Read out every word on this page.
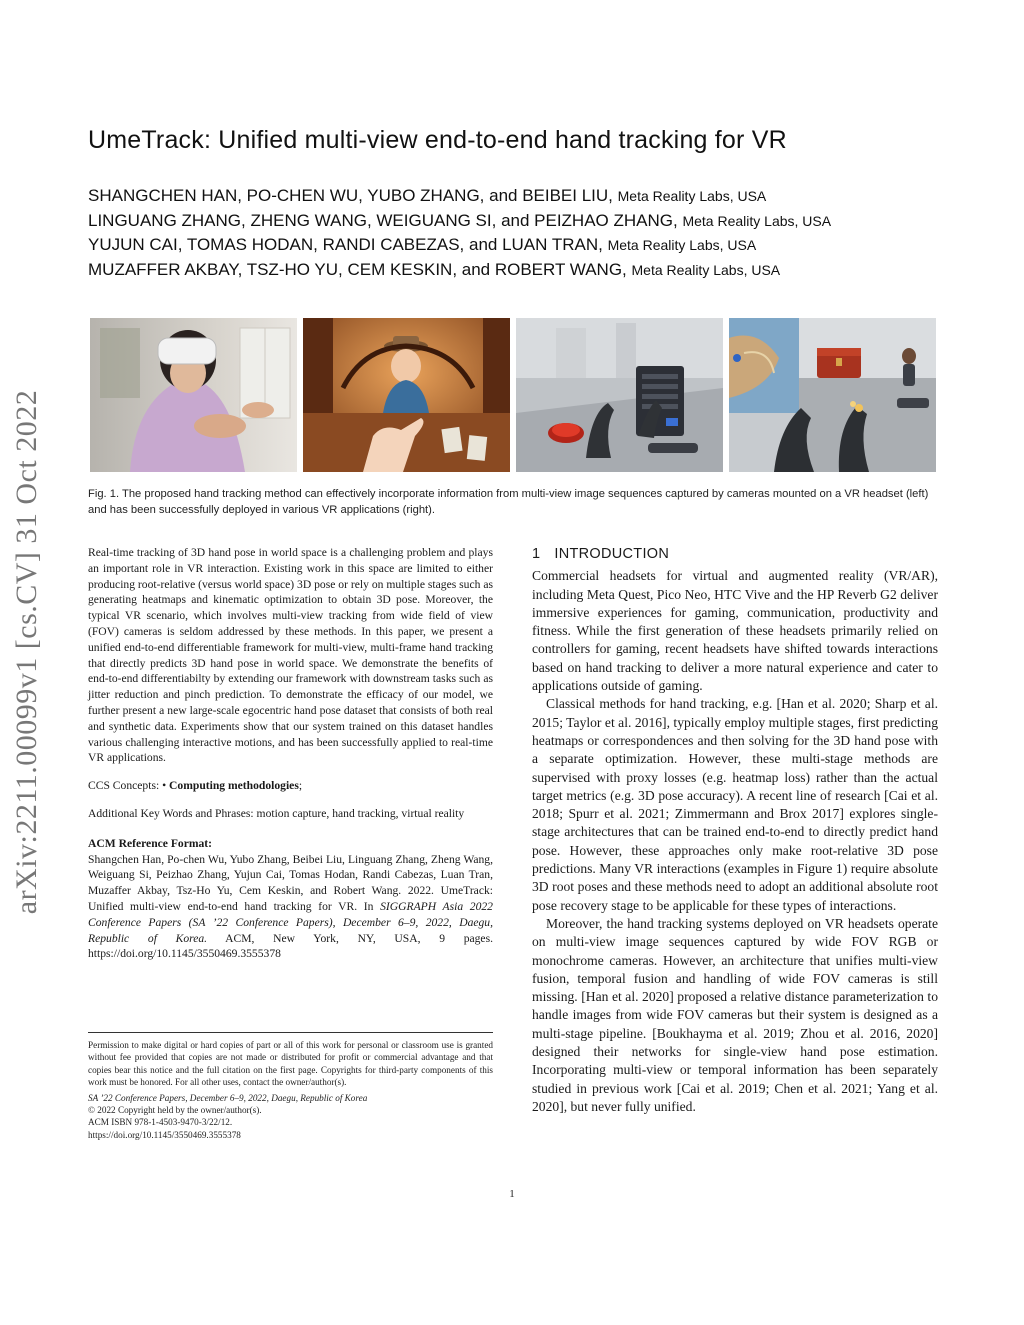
arXiv:2211.00099v1 [cs.CV] 31 Oct 2022
UmeTrack: Unified multi-view end-to-end hand tracking for VR
SHANGCHEN HAN, PO-CHEN WU, YUBO ZHANG, and BEIBEI LIU, Meta Reality Labs, USA
LINGUANG ZHANG, ZHENG WANG, WEIGUANG SI, and PEIZHAO ZHANG, Meta Reality Labs, USA
YUJUN CAI, TOMAS HODAN, RANDI CABEZAS, and LUAN TRAN, Meta Reality Labs, USA
MUZAFFER AKBAY, TSZ-HO YU, CEM KESKIN, and ROBERT WANG, Meta Reality Labs, USA

Fig. 1. The proposed hand tracking method can effectively incorporate information from multi-view image sequences captured by cameras mounted on a VR headset (left) and has been successfully deployed in various VR applications (right).

Real-time tracking of 3D hand pose in world space is a challenging problem and plays an important role in VR interaction. Existing work in this space are limited to either producing root-relative (versus world space) 3D pose or rely on multiple stages such as generating heatmaps and kinematic optimization to obtain 3D pose. Moreover, the typical VR scenario, which involves multi-view tracking from wide field of view (FOV) cameras is seldom addressed by these methods. In this paper, we present a unified end-to-end differentiable framework for multi-view, multi-frame hand tracking that directly predicts 3D hand pose in world space. We demonstrate the benefits of end-to-end differentiabilty by extending our framework with downstream tasks such as jitter reduction and pinch prediction. To demonstrate the efficacy of our model, we further present a new large-scale egocentric hand pose dataset that consists of both real and synthetic data. Experiments show that our system trained on this dataset handles various challenging interactive motions, and has been successfully applied to real-time VR applications.

CCS Concepts: • Computing methodologies;

Additional Key Words and Phrases: motion capture, hand tracking, virtual reality

ACM Reference Format:

Shangchen Han, Po-chen Wu, Yubo Zhang, Beibei Liu, Linguang Zhang, Zheng Wang, Weiguang Si, Peizhao Zhang, Yujun Cai, Tomas Hodan, Randi Cabezas, Luan Tran, Muzaffer Akbay, Tsz-Ho Yu, Cem Keskin, and Robert Wang. 2022. UmeTrack: Unified multi-view end-to-end hand tracking for VR. In SIGGRAPH Asia 2022 Conference Papers (SA ’22 Conference Papers), December 6–9, 2022, Daegu, Republic of Korea. ACM, New York, NY, USA, 9 pages. https://doi.org/10.1145/3550469.3555378

Permission to make digital or hard copies of part or all of this work for personal or classroom use is granted without fee provided that copies are not made or distributed for profit or commercial advantage and that copies bear this notice and the full citation on the first page. Copyrights for third-party components of this work must be honored. For all other uses, contact the owner/author(s).

SA ’22 Conference Papers, December 6–9, 2022, Daegu, Republic of Korea

© 2022 Copyright held by the owner/author(s).

ACM ISBN 978-1-4503-9470-3/22/12.

https://doi.org/10.1145/3550469.3555378

1 INTRODUCTION

Commercial headsets for virtual and augmented reality (VR/AR), including Meta Quest, Pico Neo, HTC Vive and the HP Reverb G2 deliver immersive experiences for gaming, communication, productivity and fitness. While the first generation of these headsets primarily relied on controllers for gaming, recent headsets have shifted towards interactions based on hand tracking to deliver a more natural experience and cater to applications outside of gaming.

Classical methods for hand tracking, e.g. [Han et al. 2020; Sharp et al. 2015; Taylor et al. 2016], typically employ multiple stages, first predicting heatmaps or correspondences and then solving for the 3D hand pose with a separate optimization. However, these multi-stage methods are supervised with proxy losses (e.g. heatmap loss) rather than the actual target metrics (e.g. 3D pose accuracy). A recent line of research [Cai et al. 2018; Spurr et al. 2021; Zimmermann and Brox 2017] explores single-stage architectures that can be trained end-to-end to directly predict hand pose. However, these approaches only make root-relative 3D pose predictions. Many VR interactions (examples in Figure 1) require absolute 3D root poses and these methods need to adopt an additional absolute root pose recovery stage to be applicable for these types of interactions.

Moreover, the hand tracking systems deployed on VR headsets operate on multi-view image sequences captured by wide FOV RGB or monochrome cameras. However, an architecture that unifies multi-view fusion, temporal fusion and handling of wide FOV cameras is still missing. [Han et al. 2020] proposed a relative distance parameterization to handle images from wide FOV cameras but their system is designed as a multi-stage pipeline. [Boukhayma et al. 2019; Zhou et al. 2016, 2020] designed their networks for single-view hand pose estimation. Incorporating multi-view or temporal information has been separately studied in previous work [Cai et al. 2019; Chen et al. 2021; Yang et al. 2020], but never fully unified.

1
